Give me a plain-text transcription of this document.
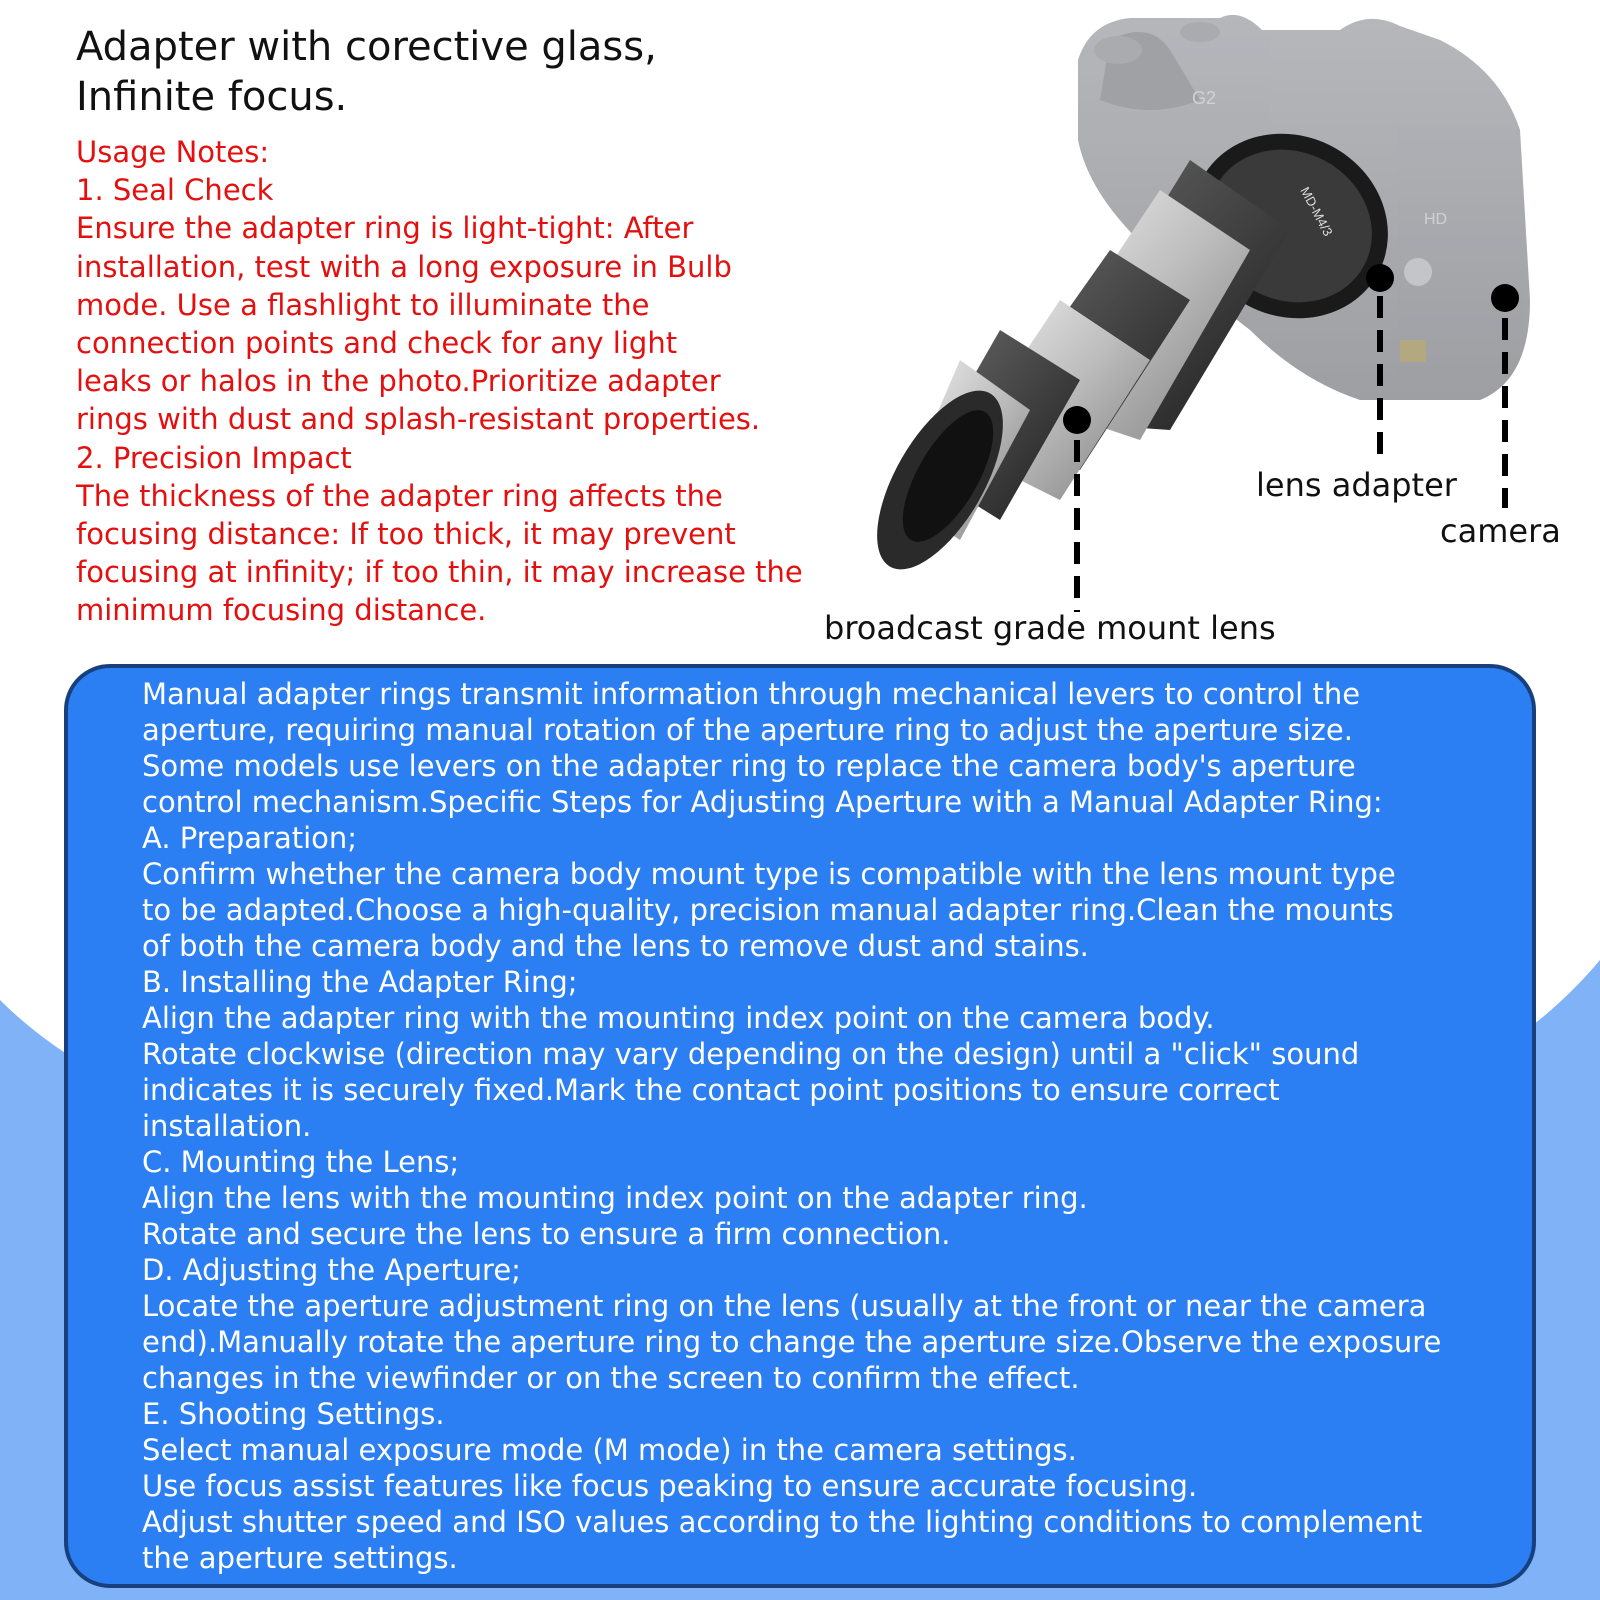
Adapter with corective glass,
Infinite focus.
Usage Notes:
1. Seal Check
Ensure the adapter ring is light-tight: After
installation, test with a long exposure in Bulb
mode. Use a flashlight to illuminate the
connection points and check for any light
leaks or halos in the photo.Prioritize adapter
rings with dust and splash-resistant properties.
2. Precision Impact
The thickness of the adapter ring affects the
focusing distance: If too thick, it may prevent
focusing at infinity; if too thin, it may increase the
minimum focusing distance.
G2
HD
MD-M4/3
lens adapter
camera
broadcast grade mount lens
Manual adapter rings transmit information through mechanical levers to control the
aperture, requiring manual rotation of the aperture ring to adjust the aperture size.
Some models use levers on the adapter ring to replace the camera body's aperture
control mechanism.Specific Steps for Adjusting Aperture with a Manual Adapter Ring:
A. Preparation;
Confirm whether the camera body mount type is compatible with the lens mount type
to be adapted.Choose a high-quality, precision manual adapter ring.Clean the mounts
of both the camera body and the lens to remove dust and stains.
B. Installing the Adapter Ring;
Align the adapter ring with the mounting index point on the camera body.
Rotate clockwise (direction may vary depending on the design) until a "click" sound
indicates it is securely fixed.Mark the contact point positions to ensure correct
installation.
C. Mounting the Lens;
Align the lens with the mounting index point on the adapter ring.
Rotate and secure the lens to ensure a firm connection.
D. Adjusting the Aperture;
Locate the aperture adjustment ring on the lens (usually at the front or near the camera
end).Manually rotate the aperture ring to change the aperture size.Observe the exposure
changes in the viewfinder or on the screen to confirm the effect.
E. Shooting Settings.
Select manual exposure mode (M mode) in the camera settings.
Use focus assist features like focus peaking to ensure accurate focusing.
Adjust shutter speed and ISO values according to the lighting conditions to complement
the aperture settings.
